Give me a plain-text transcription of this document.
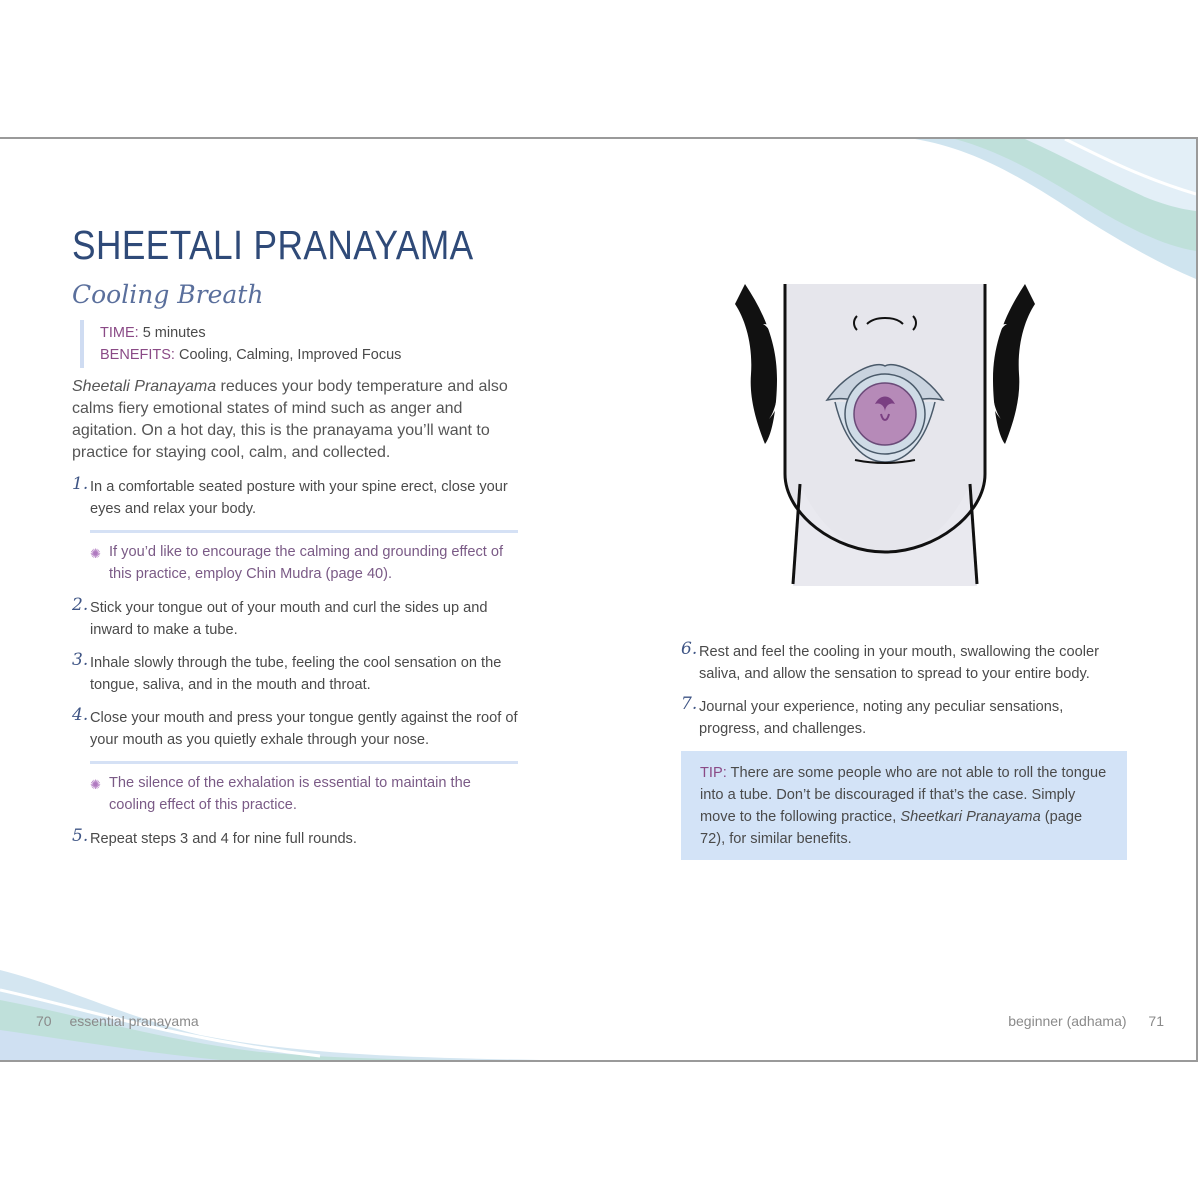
SHEETALI PRANAYAMA
Cooling Breath
TIME: 5 minutes
BENEFITS: Cooling, Calming, Improved Focus

Sheetali Pranayama reduces your body temperature and also calms fiery emotional states of mind such as anger and agitation. On a hot day, this is the pranayama you’ll want to practice for staying cool, calm, and collected.

1. In a comfortable seated posture with your spine erect, close your eyes and relax your body.
2. Stick your tongue out of your mouth and curl the sides up and inward to make a tube.
3. Inhale slowly through the tube, feeling the cool sensation on the tongue, saliva, and in the mouth and throat.
4. Close your mouth and press your tongue gently against the roof of your mouth as you quietly exhale through your nose.
5. Repeat steps 3 and 4 for nine full rounds.
✺ If you’d like to encourage the calming and grounding effect of this practice, employ Chin Mudra (page 40).
✺ The silence of the exhalation is essential to maintain the cooling effect of this practice.
70 essential pranayama
6. Rest and feel the cooling in your mouth, swallowing the cooler saliva, and allow the sensation to spread to your entire body.
7. Journal your experience, noting any peculiar sensations, progress, and challenges.
TIP: There are some people who are not able to roll the tongue into a tube. Don’t be discouraged if that’s the case. Simply move to the following practice, Sheetkari Pranayama (page 72), for similar benefits.
beginner (adhama) 71
